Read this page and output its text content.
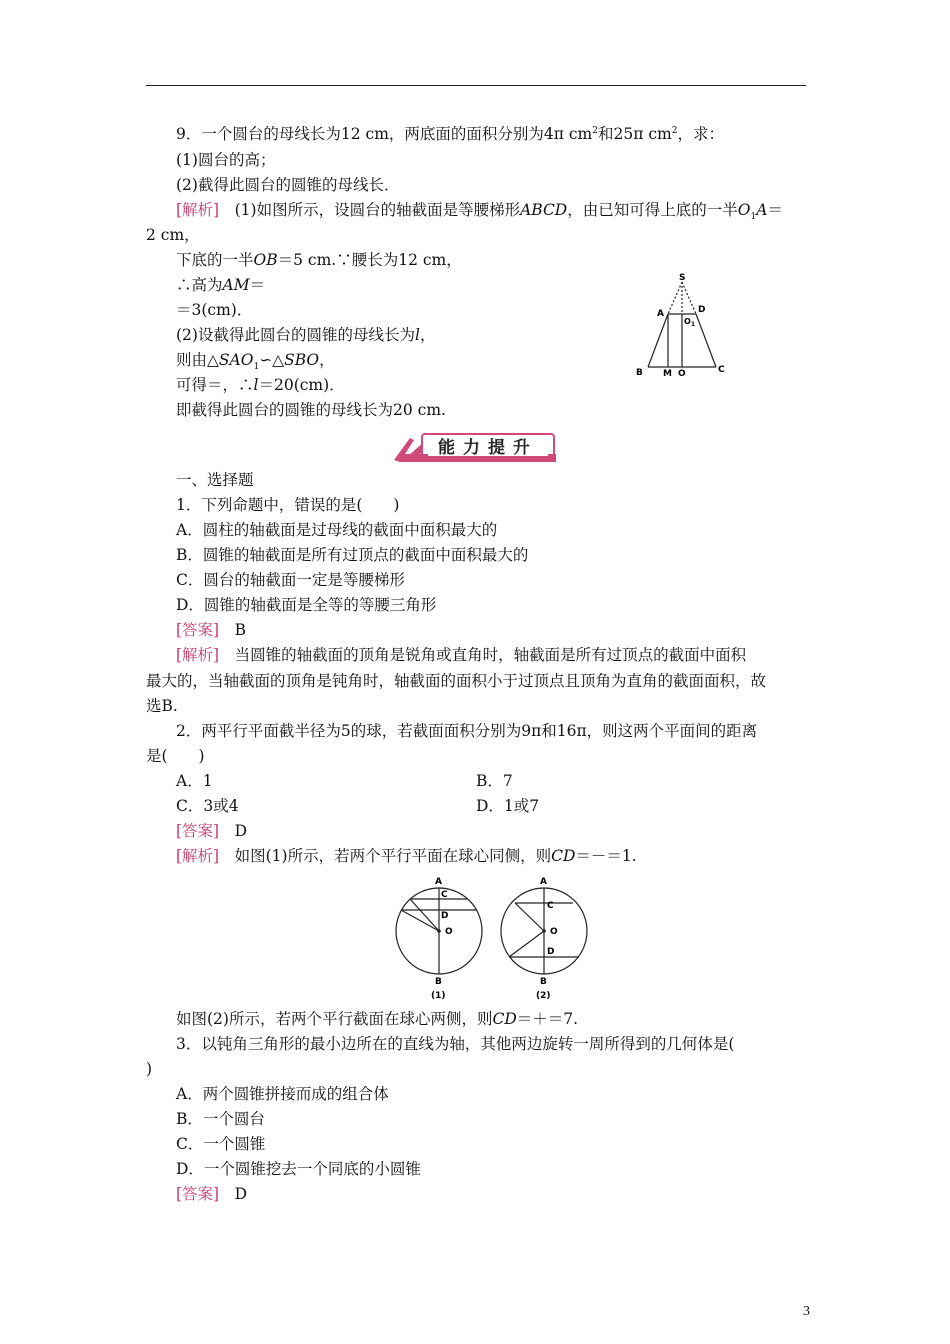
9．一个圆台的母线长为12 cm，两底面的面积分别为4π $cm^2$和25π $cm^2$，求：
(1)圆台的高；
(2)截得此圆台的圆锥的母线长．
[解析]　(1)如图所示，设圆台的轴截面是等腰梯形ABCD，由已知可得上底的一半$O_1A=$
2 cm，
下底的一半OB＝5 cm.∵腰长为12 cm，
∴高为AM＝
＝3(cm)．
(2)设截得此圆台的圆锥的母线长为l，
则由$\triangle SAO_1∽\triangle SBO$，
可得＝，∴l＝20(cm)．
即截得此圆台的圆锥的母线长为20 cm.
S
A	D
$O_1$
B M O	C
能力提升
一、选择题
1．下列命题中，错误的是(　　)
A．圆柱的轴截面是过母线的截面中面积最大的
B．圆锥的轴截面是所有过顶点的截面中面积最大的
C．圆台的轴截面一定是等腰梯形
D．圆锥的轴截面是全等的等腰三角形
[答案]　B
[解析]　当圆锥的轴截面的顶角是锐角或直角时，轴截面是所有过顶点的截面中面积
最大的，当轴截面的顶角是钝角时，轴截面的面积小于过顶点且顶角为直角的截面面积，故
选B.
2．两平行平面截半径为5的球，若截面面积分别为9π和16π，则这两个平面间的距离
是(　　)
A．1	B．7
C．3或4	D．1或7
[答案]　D
[解析]　如图(1)所示，若两个平行平面在球心同侧，则CD＝－＝1.
A
C
D
O
B
(1)
A
C
O
D
B
(2)
如图(2)所示，若两个平行截面在球心两侧，则CD＝＋＝7.
3．以钝角三角形的最小边所在的直线为轴，其他两边旋转一周所得到的几何体是(
)
A．两个圆锥拼接而成的组合体
B．一个圆台
C．一个圆锥
D．一个圆锥挖去一个同底的小圆锥
[答案]　D
3
